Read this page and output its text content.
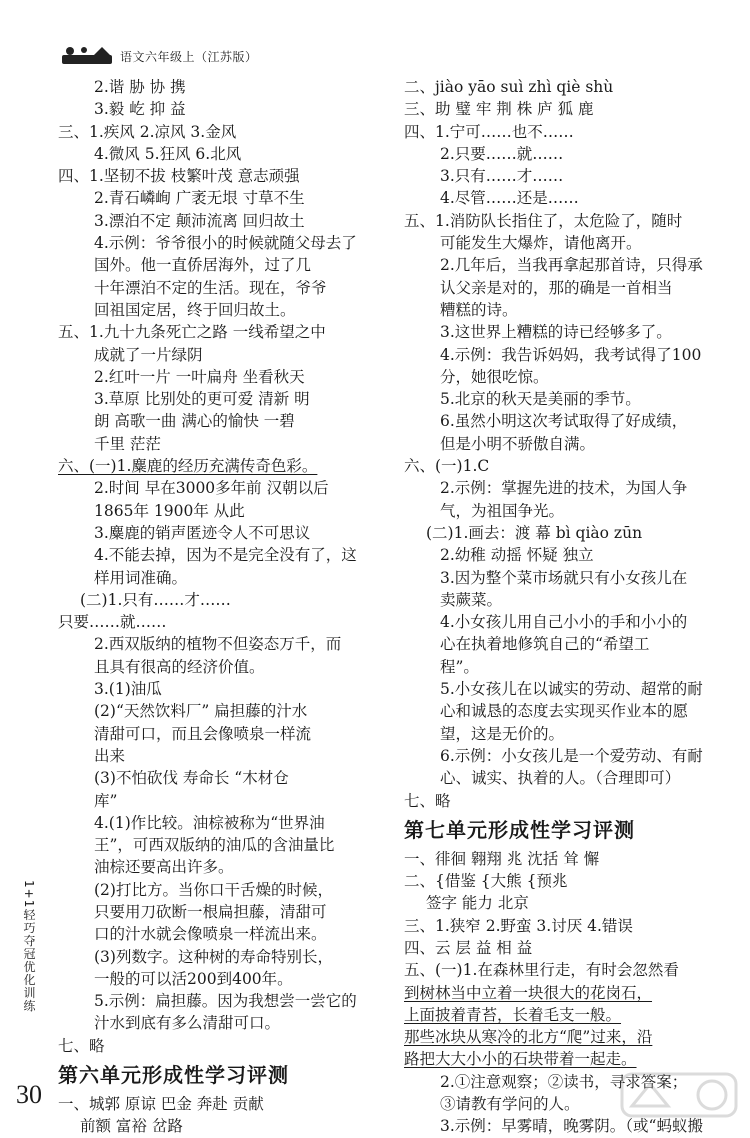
语文六年级上（江苏版）
2.谐 胁 协 携
3.毅 屹 抑 益
三、1.疾风 2.凉风 3.金风
4.微风 5.狂风 6.北风
四、1.坚韧不拔 枝繁叶茂 意志顽强
2.青石嶙峋 广袤无垠 寸草不生
3.漂泊不定 颠沛流离 回归故土
4.示例：爷爷很小的时候就随父母去了
国外。他一直侨居海外，过了几
十年漂泊不定的生活。现在，爷爷
回祖国定居，终于回归故土。
五、1.九十九条死亡之路 一线希望之中
成就了一片绿阴
2.红叶一片 一叶扁舟 坐看秋天
3.草原 比别处的更可爱 清新 明
朗 高歌一曲 满心的愉快 一碧
千里 茫茫
六、(一)1.麋鹿的经历充满传奇色彩。
2.时间 早在3000多年前 汉朝以后
1865年 1900年 从此
3.麋鹿的销声匿迹令人不可思议
4.不能去掉，因为不是完全没有了，这
样用词准确。
(二)1.只有……才……
只要……就……
2.西双版纳的植物不但姿态万千，而
且具有很高的经济价值。
3.(1)油瓜
(2)“天然饮料厂” 扁担藤的汁水
清甜可口，而且会像喷泉一样流
出来
(3)不怕砍伐 寿命长 “木材仓
库”
4.(1)作比较。油棕被称为“世界油
王”，可西双版纳的油瓜的含油量比
油棕还要高出许多。
(2)打比方。当你口干舌燥的时候，
只要用刀砍断一根扁担藤，清甜可
口的汁水就会像喷泉一样流出来。
(3)列数字。这种树的寿命特别长，
一般的可以活200到400年。
5.示例：扁担藤。因为我想尝一尝它的
汁水到底有多么清甜可口。
七、略
第六单元形成性学习评测
一、城郭 原谅 巴金 奔赴 贡献
前额 富裕 岔路
二、jiào yāo suì zhì qiè shù
三、助 璧 牢 荆 株 庐 狐 鹿
四、1.宁可……也不……
2.只要……就……
3.只有……才……
4.尽管……还是……
五、1.消防队长指住了，太危险了，随时
可能发生大爆炸，请他离开。
2.几年后，当我再拿起那首诗，只得承
认父亲是对的，那的确是一首相当
糟糕的诗。
3.这世界上糟糕的诗已经够多了。
4.示例：我告诉妈妈，我考试得了100
分，她很吃惊。
5.北京的秋天是美丽的季节。
6.虽然小明这次考试取得了好成绩，
但是小明不骄傲自满。
六、(一)1.C
2.示例：掌握先进的技术，为国人争
气，为祖国争光。
(二)1.画去：渡 幕 bì qiào zūn
2.幼稚 动摇 怀疑 独立
3.因为整个菜市场就只有小女孩儿在
卖蕨菜。
4.小女孩儿用自己小小的手和小小的
心在执着地修筑自己的“希望工
程”。
5.小女孩儿在以诚实的劳动、超常的耐
心和诚恳的态度去实现买作业本的愿
望，这是无价的。
6.示例：小女孩儿是一个爱劳动、有耐
心、诚实、执着的人。（合理即可）
七、略
第七单元形成性学习评测
一、徘徊 翱翔 兆 沈括 耸 懈
二、{借鉴 {大熊 {预兆
签字 能力 北京
三、1.狭窄 2.野蛮 3.讨厌 4.错误
四、云 层 益 相 益
五、(一)1.在森林里行走，有时会忽然看
到树林当中立着一块很大的花岗石，
上面披着青苔，长着毛支一般。
那些冰块从寒冷的北方“爬”过来，沿
路把大大小小的石块带着一起走。
2.①注意观察；②读书，寻求答案；
③请教有学问的人。
3.示例：早雾晴，晚雾阴。（或“蚂蚁搬
1+1轻巧夺冠优化训练
30
